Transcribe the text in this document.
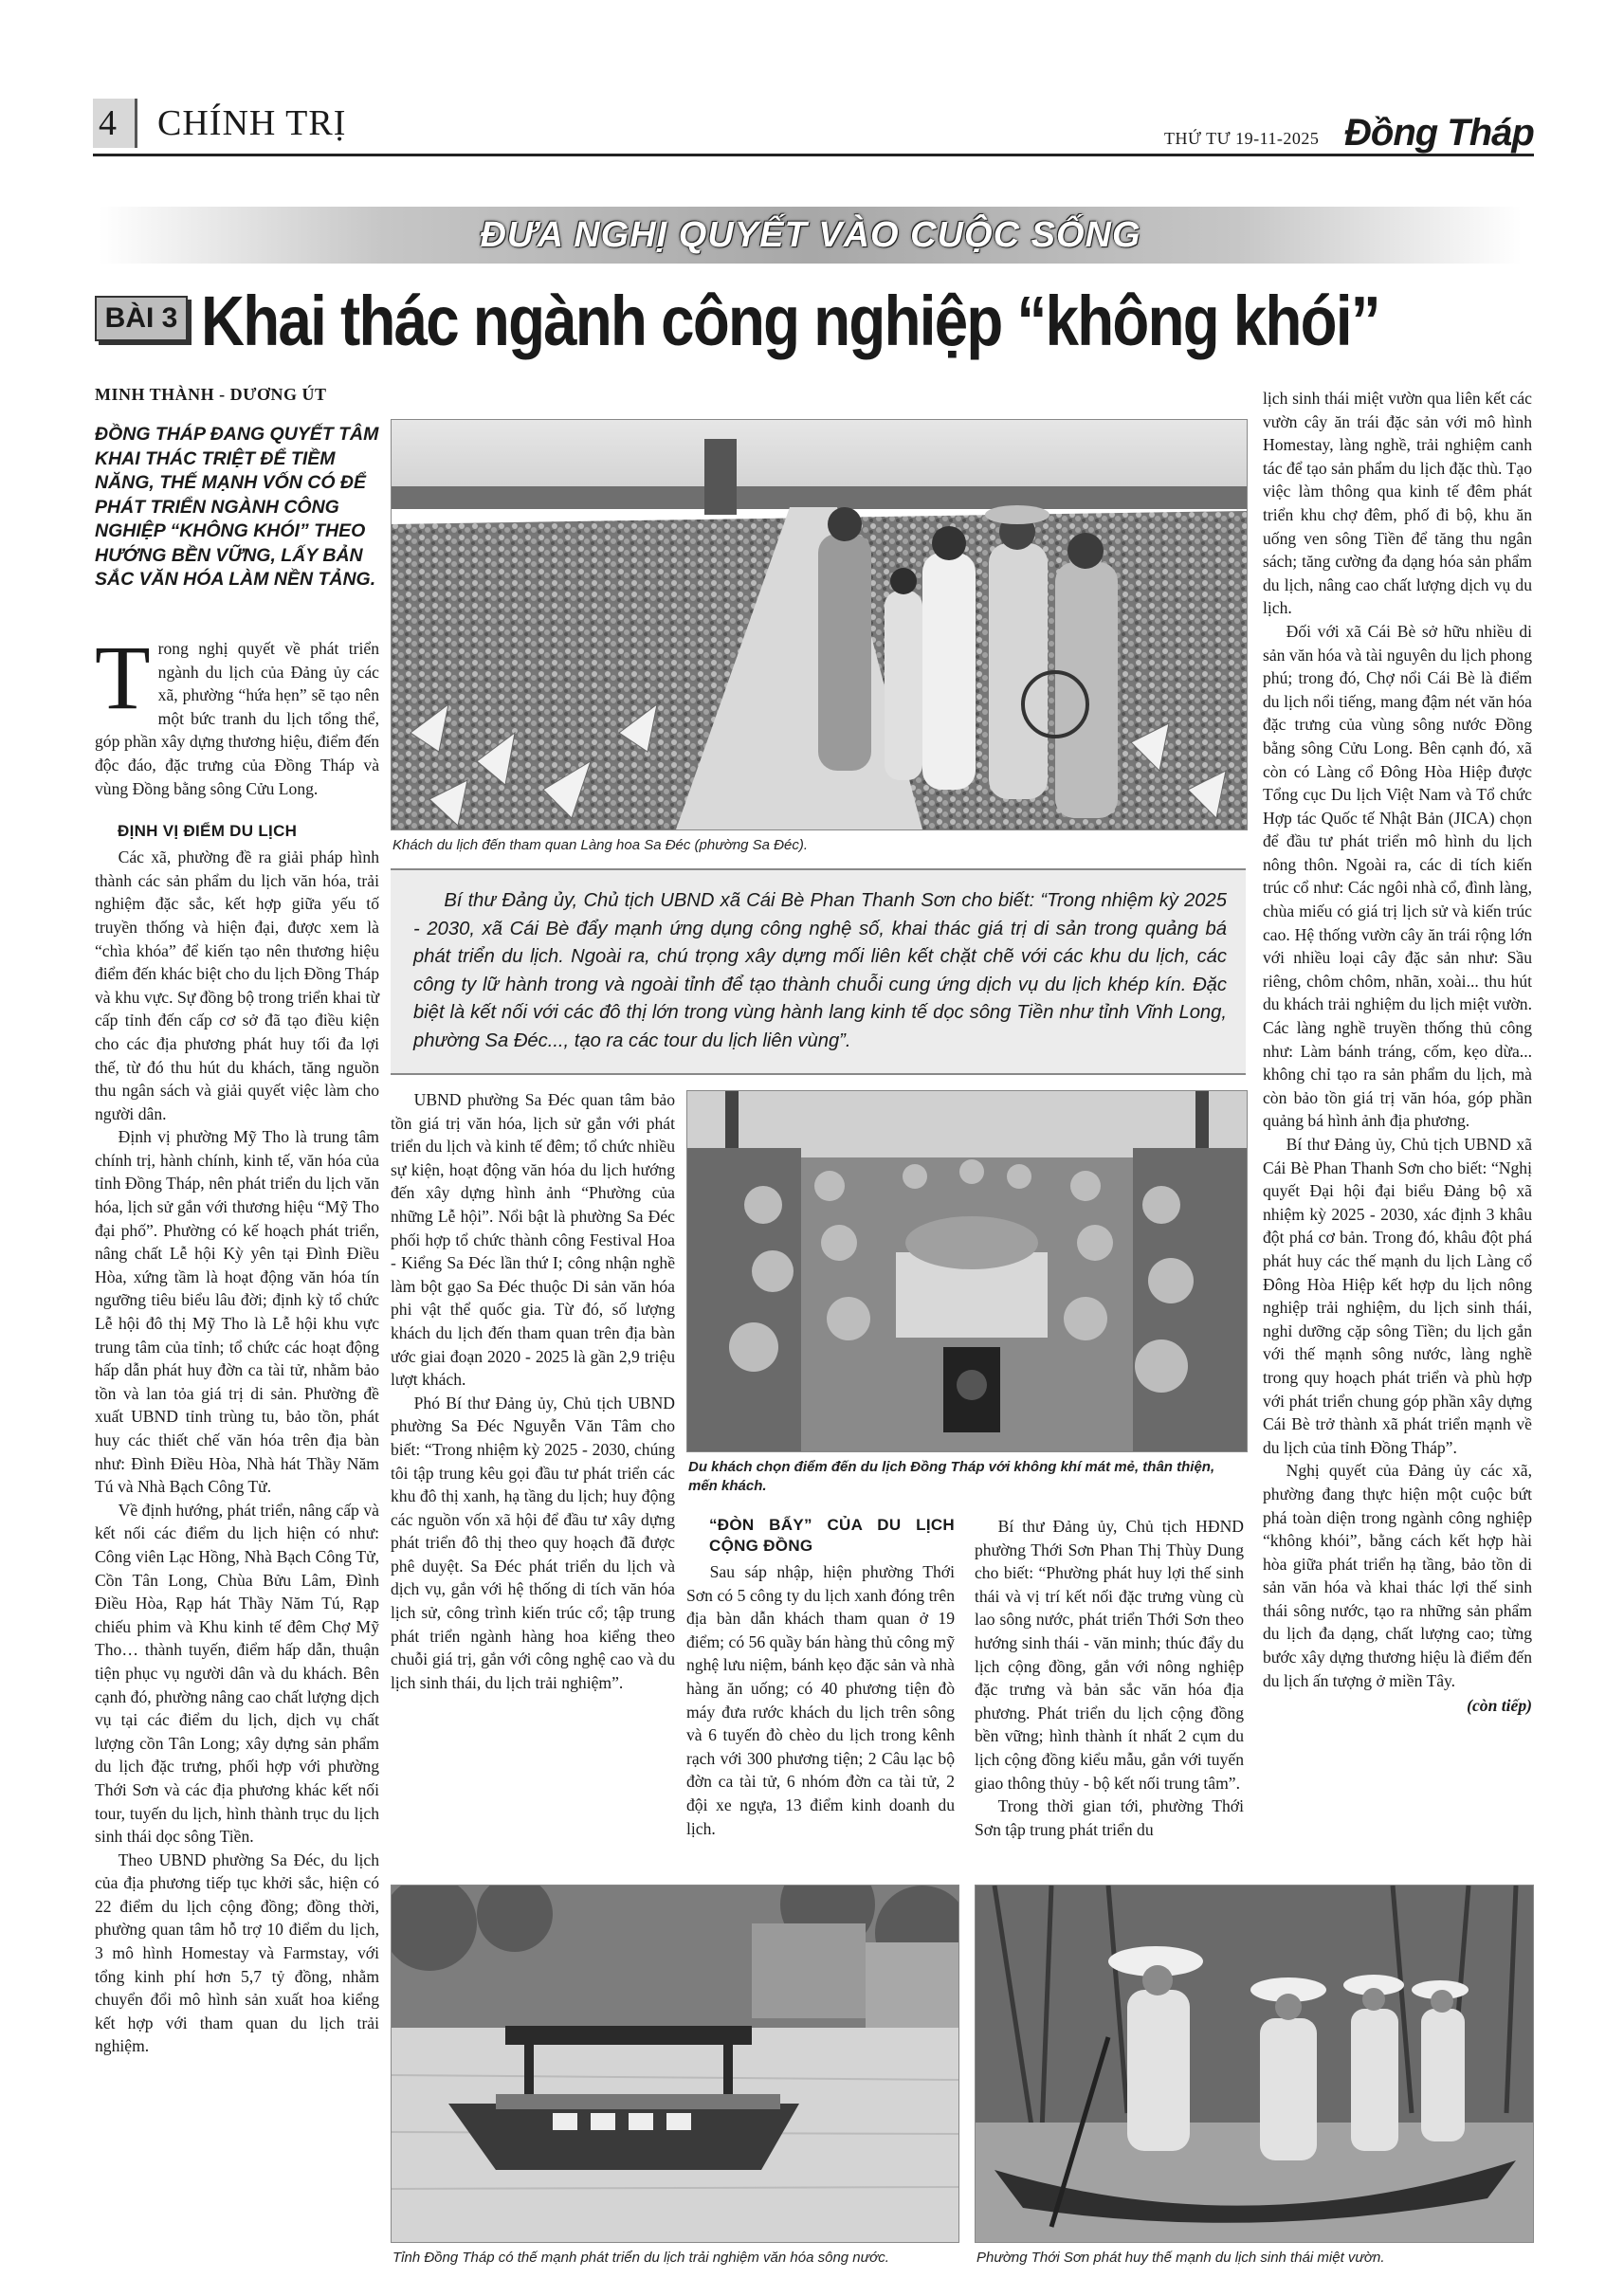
4 CHÍNH TRỊ	THỨ TƯ 19-11-2025 Đồng Tháp
ĐƯA NGHỊ QUYẾT VÀO CUỘC SỐNG
BÀI 3 Khai thác ngành công nghiệp “không khói”
MINH THÀNH - DƯƠNG ÚT
ĐỒNG THÁP ĐANG QUYẾT TÂM KHAI THÁC TRIỆT ĐỂ TIỀM NĂNG, THẾ MẠNH VỐN CÓ ĐỂ PHÁT TRIỂN NGÀNH CÔNG NGHIỆP “KHÔNG KHÓI” THEO HƯỚNG BỀN VỮNG, LẤY BẢN SẮC VĂN HÓA LÀM NỀN TẢNG.

Trong nghị quyết về phát triển ngành du lịch của Đảng ủy các xã, phường “hứa hẹn” sẽ tạo nên một bức tranh du lịch tổng thể, góp phần xây dựng thương hiệu, điểm đến độc đáo, đặc trưng của Đồng Tháp và vùng Đồng bằng sông Cửu Long.

ĐỊNH VỊ ĐIỂM DU LỊCH

Các xã, phường đề ra giải pháp hình thành các sản phẩm du lịch văn hóa, trải nghiệm đặc sắc, kết hợp giữa yếu tố truyền thống và hiện đại, được xem là “chìa khóa” để kiến tạo nên thương hiệu điểm đến khác biệt cho du lịch Đồng Tháp và khu vực. Sự đồng bộ trong triển khai từ cấp tỉnh đến cấp cơ sở đã tạo điều kiện cho các địa phương phát huy tối đa lợi thế, từ đó thu hút du khách, tăng nguồn thu ngân sách và giải quyết việc làm cho người dân.

Định vị phường Mỹ Tho là trung tâm chính trị, hành chính, kinh tế, văn hóa của tỉnh Đồng Tháp, nên phát triển du lịch văn hóa, lịch sử gắn với thương hiệu “Mỹ Tho đại phố”. Phường có kế hoạch phát triển, nâng chất Lễ hội Kỳ yên tại Đình Điều Hòa, xứng tầm là hoạt động văn hóa tín ngưỡng tiêu biểu lâu đời; định kỳ tổ chức Lễ hội đô thị Mỹ Tho là Lễ hội khu vực trung tâm của tỉnh; tổ chức các hoạt động hấp dẫn phát huy đờn ca tài tử, nhằm bảo tồn và lan tỏa giá trị di sản. Phường đề xuất UBND tỉnh trùng tu, bảo tồn, phát huy các thiết chế văn hóa trên địa bàn như: Đình Điều Hòa, Nhà hát Thầy Năm Tú và Nhà Bạch Công Tử.

Về định hướng, phát triển, nâng cấp và kết nối các điểm du lịch hiện có như: Công viên Lạc Hồng, Nhà Bạch Công Tử, Cồn Tân Long, Chùa Bửu Lâm, Đình Điều Hòa, Rạp hát Thầy Năm Tú, Rạp chiếu phim và Khu kinh tế đêm Chợ Mỹ Tho… thành tuyến, điểm hấp dẫn, thuận tiện phục vụ người dân và du khách. Bên cạnh đó, phường nâng cao chất lượng dịch vụ tại các điểm du lịch, dịch vụ chất lượng cồn Tân Long; xây dựng sản phẩm du lịch đặc trưng, phối hợp với phường Thới Sơn và các địa phương khác kết nối tour, tuyến du lịch, hình thành trục du lịch sinh thái dọc sông Tiền.

Theo UBND phường Sa Đéc, du lịch của địa phương tiếp tục khởi sắc, hiện có 22 điểm du lịch cộng đồng; đồng thời, phường quan tâm hỗ trợ 10 điểm du lịch, 3 mô hình Homestay và Farmstay, với tổng kinh phí hơn 5,7 tỷ đồng, nhằm chuyển đổi mô hình sản xuất hoa kiểng kết hợp với tham quan du lịch trải nghiệm.

Khách du lịch đến tham quan Làng hoa Sa Đéc (phường Sa Đéc).
Bí thư Đảng ủy, Chủ tịch UBND xã Cái Bè Phan Thanh Sơn cho biết: “Trong nhiệm kỳ 2025 - 2030, xã Cái Bè đẩy mạnh ứng dụng công nghệ số, khai thác giá trị di sản trong quảng bá phát triển du lịch. Ngoài ra, chú trọng xây dựng mối liên kết chặt chẽ với các khu du lịch, các công ty lữ hành trong và ngoài tỉnh để tạo thành chuỗi cung ứng dịch vụ du lịch khép kín. Đặc biệt là kết nối với các đô thị lớn trong vùng hành lang kinh tế dọc sông Tiền như tỉnh Vĩnh Long, phường Sa Đéc..., tạo ra các tour du lịch liên vùng”.

UBND phường Sa Đéc quan tâm bảo tồn giá trị văn hóa, lịch sử gắn với phát triển du lịch và kinh tế đêm; tổ chức nhiều sự kiện, hoạt động văn hóa du lịch hướng đến xây dựng hình ảnh “Phường của những Lễ hội”. Nổi bật là phường Sa Đéc phối hợp tổ chức thành công Festival Hoa - Kiểng Sa Đéc lần thứ I; công nhận nghề làm bột gạo Sa Đéc thuộc Di sản văn hóa phi vật thể quốc gia. Từ đó, số lượng khách du lịch đến tham quan trên địa bàn ước giai đoạn 2020 - 2025 là gần 2,9 triệu lượt khách.

Phó Bí thư Đảng ủy, Chủ tịch UBND phường Sa Đéc Nguyễn Văn Tâm cho biết: “Trong nhiệm kỳ 2025 - 2030, chúng tôi tập trung kêu gọi đầu tư phát triển các khu đô thị xanh, hạ tầng du lịch; huy động các nguồn vốn xã hội để đầu tư xây dựng phát triển đô thị theo quy hoạch đã được phê duyệt. Sa Đéc phát triển du lịch và dịch vụ, gắn với hệ thống di tích văn hóa lịch sử, công trình kiến trúc cổ; tập trung phát triển ngành hàng hoa kiểng theo chuỗi giá trị, gắn với công nghệ cao và du lịch sinh thái, du lịch trải nghiệm”.

Du khách chọn điểm đến du lịch Đồng Tháp với không khí mát mẻ, thân thiện, mến khách.
“ĐÒN BẨY” CỦA DU LỊCH CỘNG ĐỒNG

Sau sáp nhập, hiện phường Thới Sơn có 5 công ty du lịch xanh đóng trên địa bàn dẫn khách tham quan ở 19 điểm; có 56 quầy bán hàng thủ công mỹ nghệ lưu niệm, bánh kẹo đặc sản và nhà hàng ăn uống; có 40 phương tiện đò máy đưa rước khách du lịch trên sông và 6 tuyến đò chèo du lịch trong kênh rạch với 300 phương tiện; 2 Câu lạc bộ đờn ca tài tử, 6 nhóm đờn ca tài tử, 2 đội xe ngựa, 13 điểm kinh doanh du lịch.

Bí thư Đảng ủy, Chủ tịch HĐND phường Thới Sơn Phan Thị Thùy Dung cho biết: “Phường phát huy lợi thế sinh thái và vị trí kết nối đặc trưng vùng cù lao sông nước, phát triển Thới Sơn theo hướng sinh thái - văn minh; thúc đẩy du lịch cộng đồng, gắn với nông nghiệp đặc trưng và bản sắc văn hóa địa phương. Phát triển du lịch cộng đồng bền vững; hình thành ít nhất 2 cụm du lịch cộng đồng kiểu mẫu, gắn với tuyến giao thông thủy - bộ kết nối trung tâm”.

Trong thời gian tới, phường Thới Sơn tập trung phát triển du

lịch sinh thái miệt vườn qua liên kết các vườn cây ăn trái đặc sản với mô hình Homestay, làng nghề, trải nghiệm canh tác để tạo sản phẩm du lịch đặc thù. Tạo việc làm thông qua kinh tế đêm phát triển khu chợ đêm, phố đi bộ, khu ăn uống ven sông Tiền để tăng thu ngân sách; tăng cường đa dạng hóa sản phẩm du lịch, nâng cao chất lượng dịch vụ du lịch.

Đối với xã Cái Bè sở hữu nhiều di sản văn hóa và tài nguyên du lịch phong phú; trong đó, Chợ nổi Cái Bè là điểm du lịch nổi tiếng, mang đậm nét văn hóa đặc trưng của vùng sông nước Đồng bằng sông Cửu Long. Bên cạnh đó, xã còn có Làng cổ Đông Hòa Hiệp được Tổng cục Du lịch Việt Nam và Tổ chức Hợp tác Quốc tế Nhật Bản (JICA) chọn để đầu tư phát triển mô hình du lịch nông thôn. Ngoài ra, các di tích kiến trúc cổ như: Các ngôi nhà cổ, đình làng, chùa miếu có giá trị lịch sử và kiến trúc cao. Hệ thống vườn cây ăn trái rộng lớn với nhiều loại cây đặc sản như: Sầu riêng, chôm chôm, nhãn, xoài... thu hút du khách trải nghiệm du lịch miệt vườn. Các làng nghề truyền thống thủ công như: Làm bánh tráng, cốm, kẹo dừa... không chỉ tạo ra sản phẩm du lịch, mà còn bảo tồn giá trị văn hóa, góp phần quảng bá hình ảnh địa phương.

Bí thư Đảng ủy, Chủ tịch UBND xã Cái Bè Phan Thanh Sơn cho biết: “Nghị quyết Đại hội đại biểu Đảng bộ xã nhiệm kỳ 2025 - 2030, xác định 3 khâu đột phá cơ bản. Trong đó, khâu đột phá phát huy các thế mạnh du lịch Làng cổ Đông Hòa Hiệp kết hợp du lịch nông nghiệp trải nghiệm, du lịch sinh thái, nghỉ dưỡng cặp sông Tiền; du lịch gắn với thế mạnh sông nước, làng nghề trong quy hoạch phát triển và phù hợp với phát triển chung góp phần xây dựng Cái Bè trở thành xã phát triển mạnh về du lịch của tỉnh Đồng Tháp”.

Nghị quyết của Đảng ủy các xã, phường đang thực hiện một cuộc bứt phá toàn diện trong ngành công nghiệp “không khói”, bằng cách kết hợp hài hòa giữa phát triển hạ tầng, bảo tồn di sản văn hóa và khai thác lợi thế sinh thái sông nước, tạo ra những sản phẩm du lịch đa dạng, chất lượng cao; từng bước xây dựng thương hiệu là điểm đến du lịch ấn tượng ở miền Tây.

(còn tiếp)
Tỉnh Đồng Tháp có thế mạnh phát triển du lịch trải nghiệm văn hóa sông nước.	Phường Thới Sơn phát huy thế mạnh du lịch sinh thái miệt vườn.
